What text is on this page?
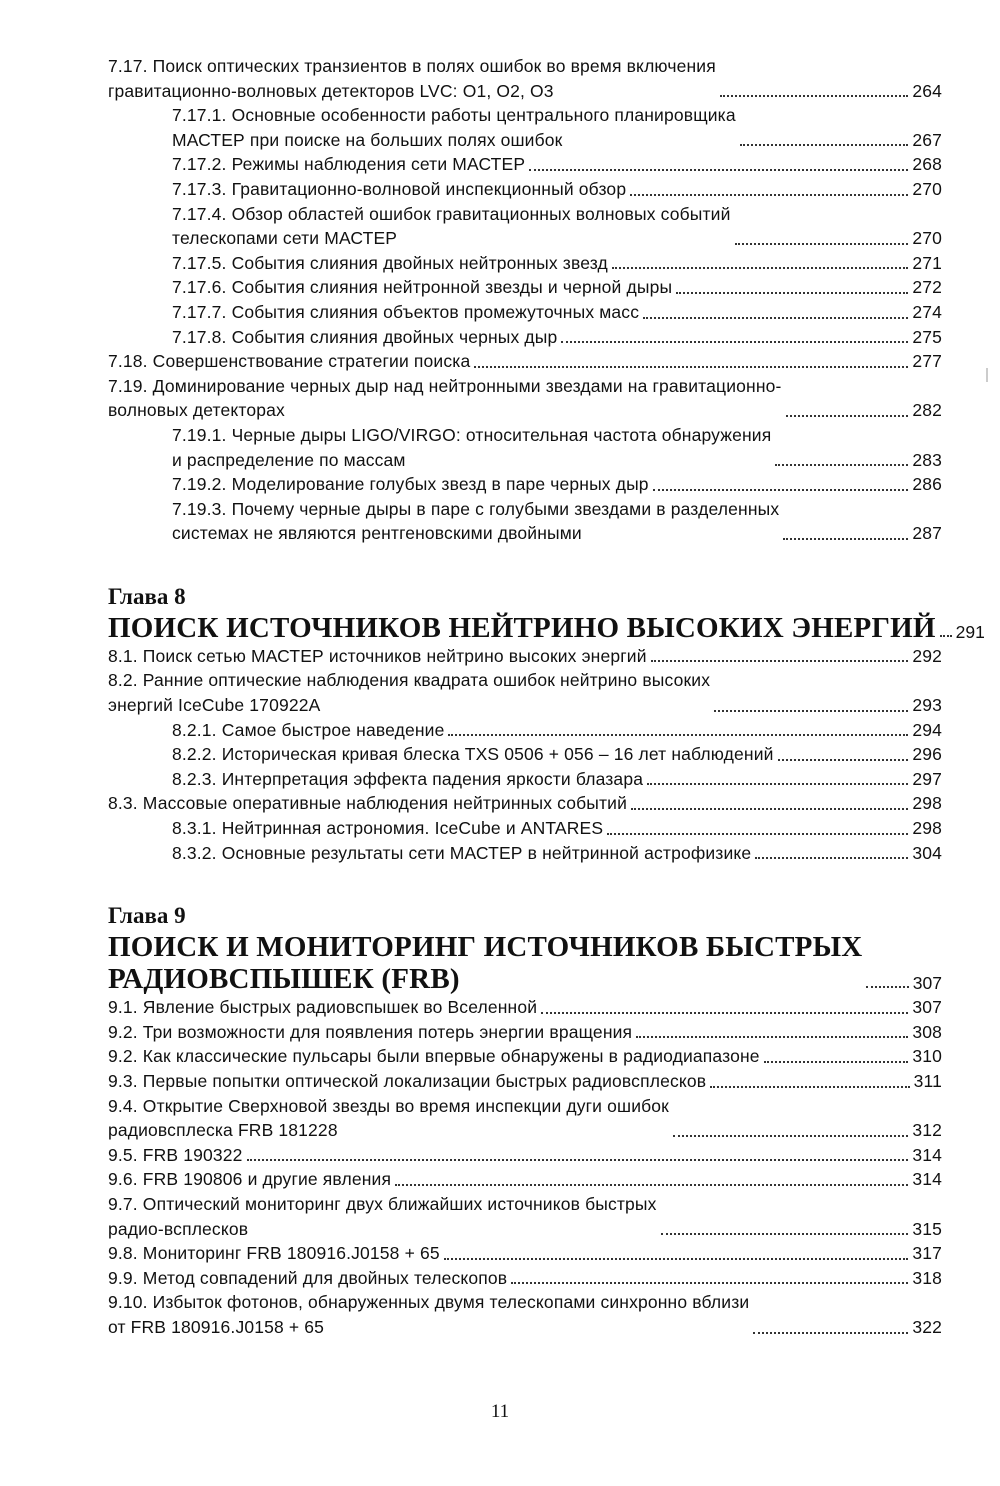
7.17. Поиск оптических транзиентов в полях ошибок во время включения
гравитационно-волновых детекторов LVC: O1, O2, O3	264
7.17.1. Основные особенности работы центрального планировщика
МАСТЕР при поиске на больших полях ошибок	267
7.17.2. Режимы наблюдения сети МАСТЕР	268
7.17.3. Гравитационно-волновой инспекционный обзор	270
7.17.4. Обзор областей ошибок гравитационных волновых событий
телескопами сети МАСТЕР	270
7.17.5. События слияния двойных нейтронных звезд	271
7.17.6. События слияния нейтронной звезды и черной дыры	272
7.17.7. События слияния объектов промежуточных масс	274
7.17.8. События слияния двойных черных дыр	275
7.18. Совершенствование стратегии поиска	277
7.19. Доминирование черных дыр над нейтронными звездами на гравитационно-
волновых детекторах	282
7.19.1. Черные дыры LIGO/VIRGO: относительная частота обнаружения
и распределение по массам	283
7.19.2. Моделирование голубых звезд в паре черных дыр	286
7.19.3. Почему черные дыры в паре с голубыми звездами в разделенных
системах не являются рентгеновскими двойными	287
Глава 8
ПОИСК ИСТОЧНИКОВ НЕЙТРИНО ВЫСОКИХ ЭНЕРГИЙ 291
8.1. Поиск сетью МАСТЕР источников нейтрино высоких энергий	292
8.2. Ранние оптические наблюдения квадрата ошибок нейтрино высоких
энергий IceCube 170922A	293
8.2.1. Самое быстрое наведение	294
8.2.2. Историческая кривая блеска TXS 0506 + 056 – 16 лет наблюдений	296
8.2.3. Интерпретация эффекта падения яркости блазара	297
8.3. Массовые оперативные наблюдения нейтринных событий	298
8.3.1. Нейтринная астрономия. IceCube и ANTARES	298
8.3.2. Основные результаты сети МАСТЕР в нейтринной астрофизике	304
Глава 9
ПОИСК И МОНИТОРИНГ ИСТОЧНИКОВ БЫСТРЫХ
РАДИОВСПЫШЕК (FRB)	307
9.1. Явление быстрых радиовспышек во Вселенной	307
9.2. Три возможности для появления потерь энергии вращения	308
9.2. Как классические пульсары были впервые обнаружены в радиодиапазоне	310
9.3. Первые попытки оптической локализации быстрых радиовсплесков	311
9.4. Открытие Сверхновой звезды во время инспекции дуги ошибок
радиовсплеска FRB 181228	312
9.5. FRB 190322	314
9.6. FRB 190806 и другие явления	314
9.7. Оптический мониторинг двух ближайших источников быстрых
радио-всплесков	315
9.8. Мониторинг FRB 180916.J0158 + 65	317
9.9. Метод совпадений для двойных телескопов	318
9.10. Избыток фотонов, обнаруженных двумя телескопами синхронно вблизи
от FRB 180916.J0158 + 65	322
11
